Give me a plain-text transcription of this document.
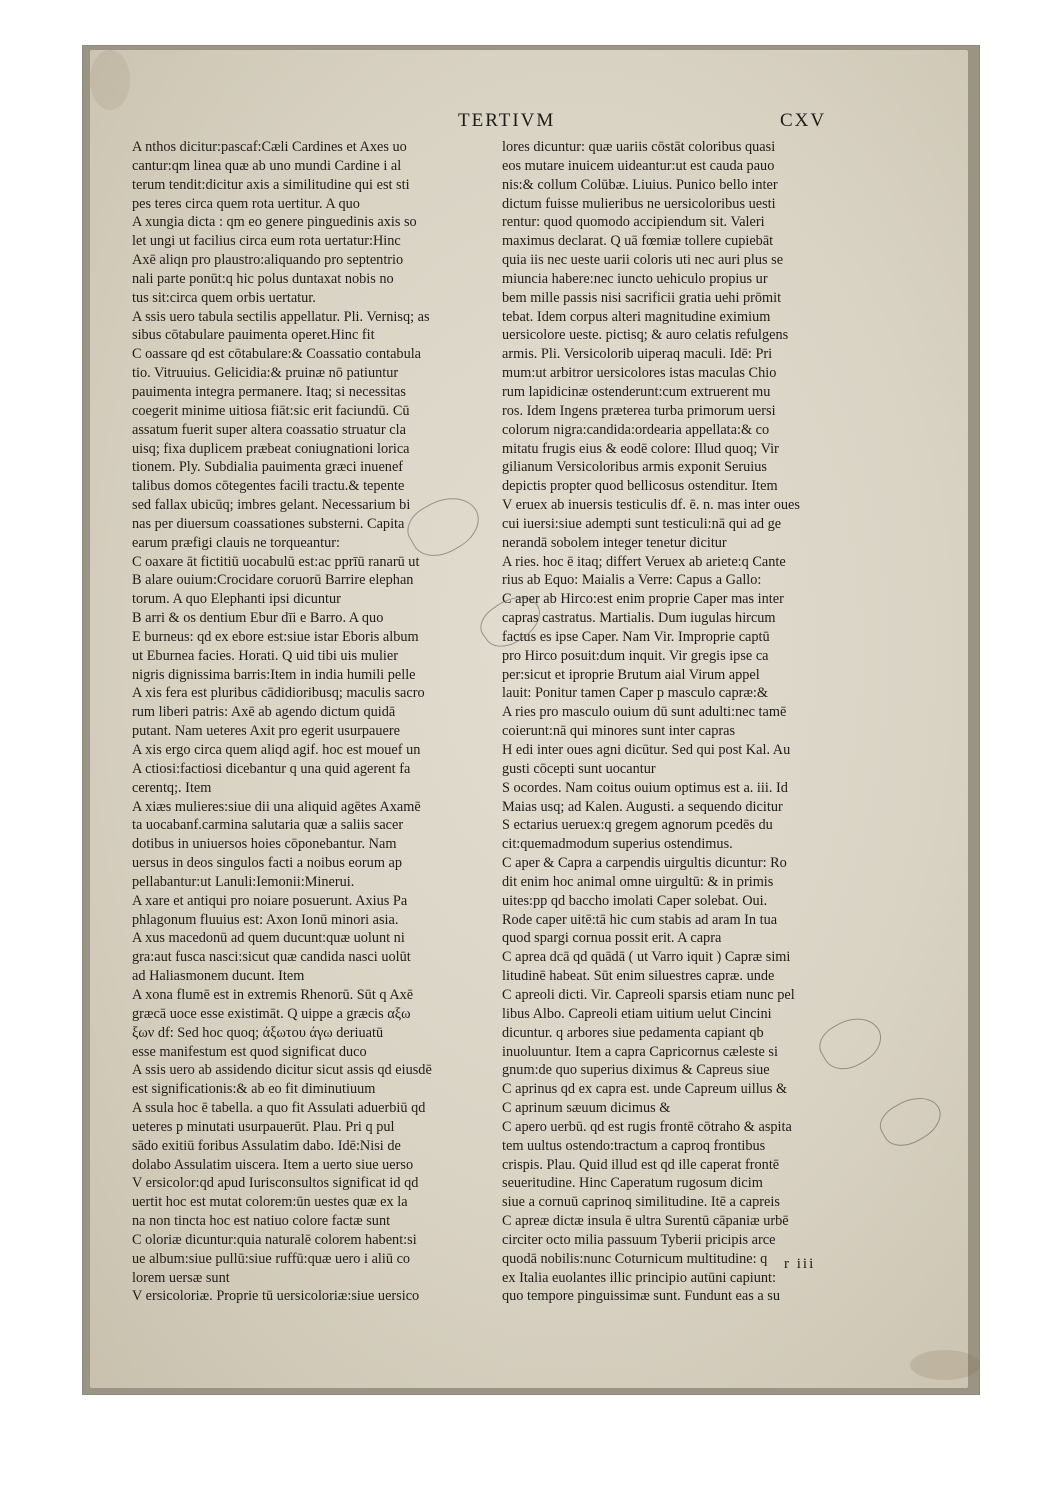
TERTIVM	CXV
A nthos dicitur:pascaf:Cæli Cardines et Axes uo
cantur:qm linea quæ ab uno mundi Cardine i al
terum tendit:dicitur axis a similitudine qui est sti
pes teres circa quem rota uertitur. A quo
A xungia dicta : qm eo genere pinguedinis axis so
let ungi ut facilius circa eum rota uertatur:Hinc
Axē aliqn pro plaustro:aliquando pro septentrio
nali parte ponūt:q hic polus duntaxat nobis no
tus sit:circa quem orbis uertatur.
A ssis uero tabula sectilis appellatur. Pli. Vernisq; as
sibus cōtabulare pauimenta operet.Hinc fit
C oassare qd est cōtabulare:& Coassatio contabula
tio. Vitruuius. Gelicidia:& pruinæ nō patiuntur
pauimenta integra permanere. Itaq; si necessitas
coegerit minime uitiosa fiāt:sic erit faciundū. Cū
assatum fuerit super altera coassatio struatur cla
uisq; fixa duplicem præbeat coniugnationi lorica
tionem. Ply. Subdialia pauimenta græci inuenef
talibus domos cōtegentes facili tractu.& tepente
sed fallax ubicūq; imbres gelant. Necessarium bi
nas per diuersum coassationes substerni. Capita
earum præfigi clauis ne torqueantur:
C oaxare āt fictitiū uocabulū est:ac pprīū ranarū ut
B alare ouium:Crocidare coruorū Barrire elephan
torum. A quo Elephanti ipsi dicuntur
B arri & os dentium Ebur dīi e Barro. A quo
E burneus: qd ex ebore est:siue istar Eboris album
ut Eburnea facies. Horati. Q uid tibi uis mulier
nigris dignissima barris:Item in india humili pelle
A xis fera est pluribus cādidioribusq; maculis sacro
rum liberi patris: Axē ab agendo dictum quidā
putant. Nam ueteres Axit pro egerit usurpauere
A xis ergo circa quem aliqd agif. hoc est mouef un
A ctiosi:factiosi dicebantur q una quid agerent fa
cerentq;. Item
A xiæs mulieres:siue dii una aliquid agētes Axamē
ta uocabanf.carmina salutaria quæ a saliis sacer
dotibus in uniuersos hoies cōponebantur. Nam
uersus in deos singulos facti a noibus eorum ap
pellabantur:ut Lanuli:Iemonii:Minerui.
A xare et antiqui pro noiare posuerunt. Axius Pa
phlagonum fluuius est: Axon Ionū minori asia.
A xus macedonū ad quem ducunt:quæ uolunt ni
gra:aut fusca nasci:sicut quæ candida nasci uolūt
ad Haliasmonem ducunt. Item
A xona flumē est in extremis Rhenorū. Sūt q Axē
græcā uoce esse existimāt. Q uippe a græcis αξω
ξων df: Sed hoc quoq; άξωτου άγω deriuatū
esse manifestum est quod significat duco
A ssis uero ab assidendo dicitur sicut assis qd eiusdē
est significationis:& ab eo fit diminutiuum
A ssula hoc ē tabella. a quo fit Assulati aduerbiū qd
ueteres p minutati usurpauerūt. Plau. Pri q pul
sādo exitiū foribus Assulatim dabo. Idē:Nisi de
dolabo Assulatim uiscera. Item a uerto siue uerso
V ersicolor:qd apud Iurisconsultos significat id qd
uertit hoc est mutat colorem:ūn uestes quæ ex la
na non tincta hoc est natiuo colore factæ sunt
C oloriæ dicuntur:quia naturalē colorem habent:si
ue album:siue pullū:siue ruffū:quæ uero i aliū co
lorem uersæ sunt
V ersicoloriæ. Proprie tū uersicoloriæ:siue uersico
lores dicuntur: quæ uariis cōstāt coloribus quasi
eos mutare inuicem uideantur:ut est cauda pauo
nis:& collum Colūbæ. Liuius. Punico bello inter
dictum fuisse mulieribus ne uersicoloribus uesti
rentur: quod quomodo accipiendum sit. Valeri
maximus declarat. Q uā fœmiæ tollere cupiebāt
quia iis nec ueste uarii coloris uti nec auri plus se
miuncia habere:nec iuncto uehiculo propius ur
bem mille passis nisi sacrificii gratia uehi prōmit
tebat. Idem corpus alteri magnitudine eximium
uersicolore ueste. pictisq; & auro celatis refulgens
armis. Pli. Versicolorib uiperaq maculi. Idē: Pri
mum:ut arbitror uersicolores istas maculas Chio
rum lapidicinæ ostenderunt:cum extruerent mu
ros. Idem Ingens præterea turba primorum uersi
colorum nigra:candida:ordearia appellata:& co
mitatu frugis eius & eodē colore: Illud quoq; Vir
gilianum Versicoloribus armis exponit Seruius
depictis propter quod bellicosus ostenditur. Item
V eruex ab inuersis testiculis df. ē. n. mas inter oues
cui iuersi:siue adempti sunt testiculi:nā qui ad ge
nerandā sobolem integer tenetur dicitur
A ries. hoc ē itaq; differt Veruex ab ariete:q Cante
rius ab Equo: Maialis a Verre: Capus a Gallo:
C aper ab Hirco:est enim proprie Caper mas inter
capras castratus. Martialis. Dum iugulas hircum
factus es ipse Caper. Nam Vir. Improprie captū
pro Hirco posuit:dum inquit. Vir gregis ipse ca
per:sicut et iproprie Brutum aial Virum appel
lauit: Ponitur tamen Caper p masculo capræ:&
A ries pro masculo ouium dū sunt adulti:nec tamē
coierunt:nā qui minores sunt inter capras
H edi inter oues agni dicūtur. Sed qui post Kal. Au
gusti cōcepti sunt uocantur
S ocordes. Nam coitus ouium optimus est a. iii. Id
Maias usq; ad Kalen. Augusti. a sequendo dicitur
S ectarius ueruex:q gregem agnorum pcedēs du
cit:quemadmodum superius ostendimus.
C aper & Capra a carpendis uirgultis dicuntur: Ro
dit enim hoc animal omne uirgultū: & in primis
uites:pp qd baccho imolati Caper solebat. Oui.
Rode caper uitē:tā hic cum stabis ad aram In tua
quod spargi cornua possit erit. A capra
C aprea dcā qd quādā ( ut Varro iquit ) Capræ simi
litudinē habeat. Sūt enim siluestres capræ. unde
C apreoli dicti. Vir. Capreoli sparsis etiam nunc pel
libus Albo. Capreoli etiam uitium uelut Cincini
dicuntur. q arbores siue pedamenta capiant qb
inuoluuntur. Item a capra Capricornus cæleste si
gnum:de quo superius diximus & Capreus siue
C aprinus qd ex capra est. unde Capreum uillus &
C aprinum sæuum dicimus &
C apero uerbū. qd est rugis frontē cōtraho & aspita
tem uultus ostendo:tractum a caproq frontibus
crispis. Plau. Quid illud est qd ille caperat frontē
seueritudine. Hinc Caperatum rugosum dicim
siue a cornuū caprinoq similitudine. Itē a capreis
C apreæ dictæ insula ē ultra Surentū cāpaniæ urbē
circiter octo milia passuum Tyberii pricipis arce
quodā nobilis:nunc Coturnicum multitudine: q
ex Italia euolantes illic principio autūni capiunt:
quo tempore pinguissimæ sunt. Fundunt eas a su
r iii
